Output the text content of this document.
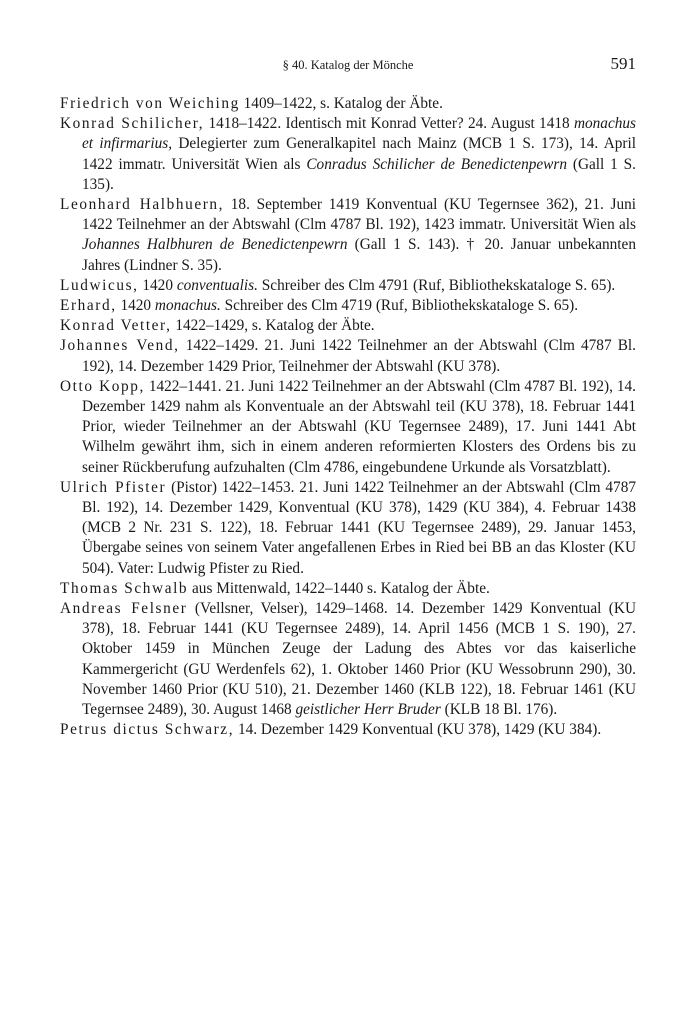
§ 40. Katalog der Mönche	591

Friedrich von Weiching 1409–1422, s. Katalog der Äbte.

Konrad Schilicher, 1418–1422. Identisch mit Konrad Vetter? 24. August 1418 monachus et infirmarius, Delegierter zum Generalkapitel nach Mainz (MCB 1 S. 173), 14. April 1422 immatr. Universität Wien als Conradus Schilicher de Benedictenpewrn (Gall 1 S. 135).

Leonhard Halbhuern, 18. September 1419 Konventual (KU Tegernsee 362), 21. Juni 1422 Teilnehmer an der Abtswahl (Clm 4787 Bl. 192), 1423 immatr. Universität Wien als Johannes Halbhuren de Benedictenpewrn (Gall 1 S. 143). † 20. Januar unbekannten Jahres (Lindner S. 35).

Ludwicus, 1420 conventualis. Schreiber des Clm 4791 (Ruf, Bibliothekskataloge S. 65).

Erhard, 1420 monachus. Schreiber des Clm 4719 (Ruf, Bibliothekskataloge S. 65).

Konrad Vetter, 1422–1429, s. Katalog der Äbte.

Johannes Vend, 1422–1429. 21. Juni 1422 Teilnehmer an der Abtswahl (Clm 4787 Bl. 192), 14. Dezember 1429 Prior, Teilnehmer der Abtswahl (KU 378).

Otto Kopp, 1422–1441. 21. Juni 1422 Teilnehmer an der Abtswahl (Clm 4787 Bl. 192), 14. Dezember 1429 nahm als Konventuale an der Abtswahl teil (KU 378), 18. Februar 1441 Prior, wieder Teilnehmer an der Abtswahl (KU Tegernsee 2489), 17. Juni 1441 Abt Wilhelm gewährt ihm, sich in einem anderen reformierten Klosters des Ordens bis zu seiner Rückberufung aufzuhalten (Clm 4786, eingebundene Urkunde als Vorsatzblatt).

Ulrich Pfister (Pistor) 1422–1453. 21. Juni 1422 Teilnehmer an der Abtswahl (Clm 4787 Bl. 192), 14. Dezember 1429, Konventual (KU 378), 1429 (KU 384), 4. Februar 1438 (MCB 2 Nr. 231 S. 122), 18. Februar 1441 (KU Tegernsee 2489), 29. Januar 1453, Übergabe seines von seinem Vater angefallenen Erbes in Ried bei BB an das Kloster (KU 504). Vater: Ludwig Pfister zu Ried.

Thomas Schwalb aus Mittenwald, 1422–1440 s. Katalog der Äbte.

Andreas Felsner (Vellsner, Velser), 1429–1468. 14. Dezember 1429 Konventual (KU 378), 18. Februar 1441 (KU Tegernsee 2489), 14. April 1456 (MCB 1 S. 190), 27. Oktober 1459 in München Zeuge der Ladung des Abtes vor das kaiserliche Kammergericht (GU Werdenfels 62), 1. Oktober 1460 Prior (KU Wessobrunn 290), 30. November 1460 Prior (KU 510), 21. Dezember 1460 (KLB 122), 18. Februar 1461 (KU Tegernsee 2489), 30. August 1468 geistlicher Herr Bruder (KLB 18 Bl. 176).

Petrus dictus Schwarz, 14. Dezember 1429 Konventual (KU 378), 1429 (KU 384).
